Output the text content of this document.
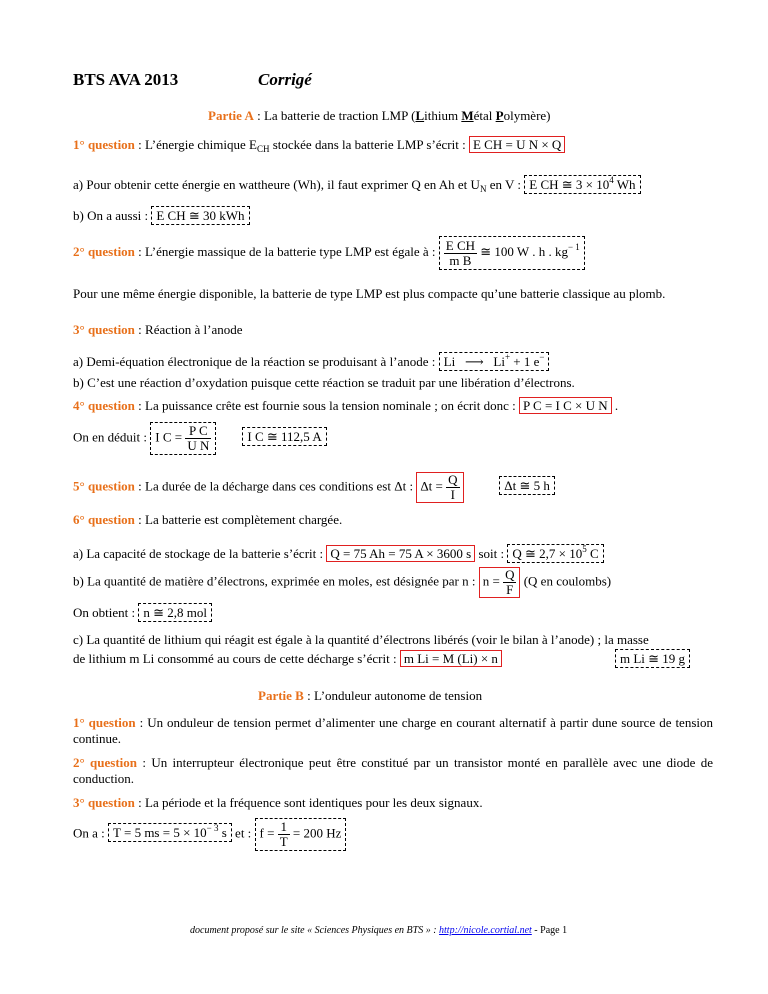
BTS AVA 2013	Corrigé
Partie A : La batterie de traction LMP (Lithium Métal Polymère)
1° question : L’énergie chimique $E_{CH}$ stockée dans la batterie LMP s’écrit : E CH = U N × Q
a) Pour obtenir cette énergie en wattheure (Wh), il faut exprimer Q en Ah et $U_N$ en V : E CH ≅ $3 \times 10^4$ Wh
b) On a aussi : E CH ≅ 30 kWh
2° question : L’énergie massique de la batterie type LMP est égale à : $\frac{\text{E CH}}{\text{m B}}$ ≅ 100 W . h . $kg^{- 1}$
Pour une même énergie disponible, la batterie de type LMP est plus compacte qu’une batterie classique au plomb.
3° question : Réaction à l’anode
a) Demi-équation électronique de la réaction se produisant à l’anode : Li ⟶ Li+ + 1 e−
b) C’est une réaction d’oxydation puisque cette réaction se traduit par une libération d’électrons.
4° question : La puissance crête est fournie sous la tension nominale ; on écrit donc : P C = I C × U N .
On en déduit : I $C = \frac{\text{P C}}{\text{U N}}$	I C ≅ 112,5 A
5° question : La durée de la décharge dans ces conditions est Δt : $\Delta t = \frac{Q}{I}$	Δt ≅ 5 h
6° question : La batterie est complètement chargée.
a) La capacité de stockage de la batterie s’écrit : Q = 75 Ah = 75 A × 3600 s soit : Q ≅ $2,7 \times 10^5$ C
b) La quantité de matière d’électrons, exprimée en moles, est désignée par n : $n = \frac{Q}{F} (Q$ en coulombs)
On obtient : n ≅ 2,8 mol
c) La quantité de lithium qui réagit est égale à la quantité d’électrons libérés (voir le bilan à l’anode) ; la masse
de lithium m Li consommé au cours de cette décharge s’écrit : m Li = M (Li) × n	m Li ≅ 19 g
Partie B : L’onduleur autonome de tension
1° question : Un onduleur de tension permet d’alimenter une charge en courant alternatif à partir dune source de tension continue.
2° question : Un interrupteur électronique peut être constitué par un transistor monté en parallèle avec une diode de conduction.
3° question : La période et la fréquence sont identiques pour les deux signaux.
On a : T = 5 ms = $5 \times 10^{- 3}$ s et : $f = \frac{1}{T} = 200$ Hz
document proposé sur le site « Sciences Physiques en BTS » : http://nicole.cortial.net - Page 1
